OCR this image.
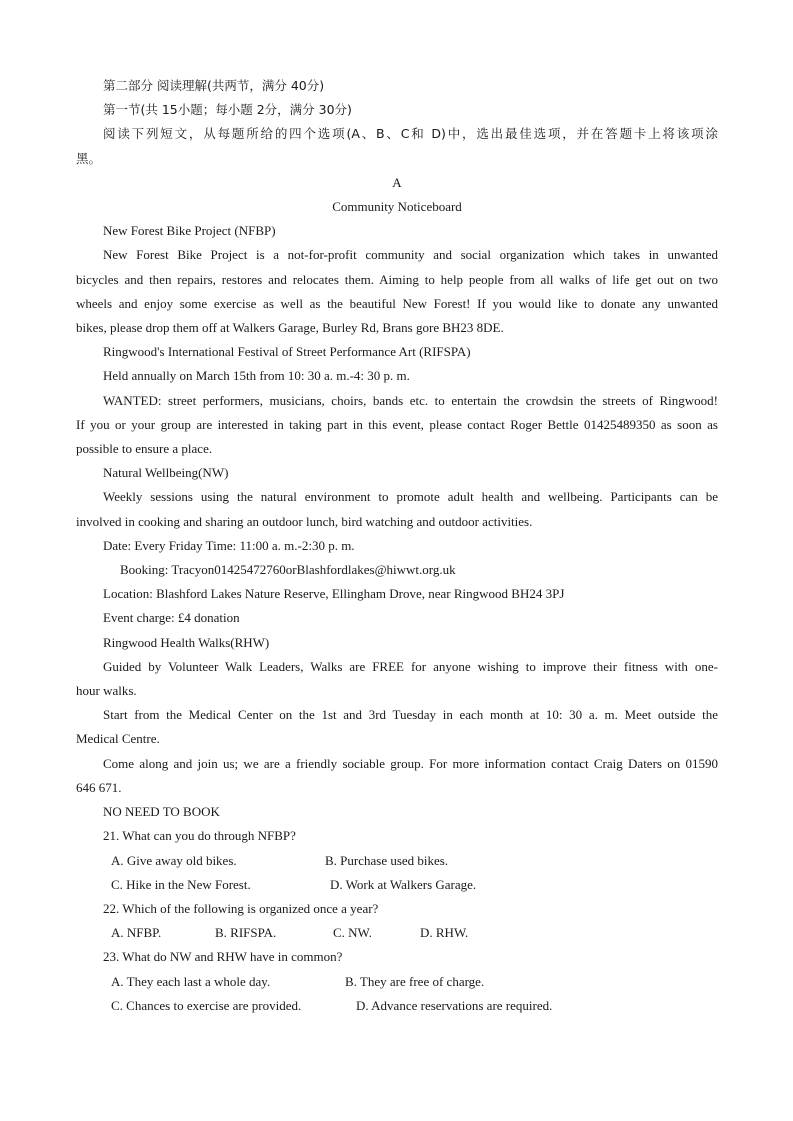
第二部分 阅读理解(共两节，满分 40分)
第一节(共 15小题；每小题 2分，满分 30分)
阅读下列短文，从每题所给的四个选项(A、B、C和 D)中，选出最佳选项，并在答题卡上将该项涂
黑。
A
Community Noticeboard
New Forest Bike Project (NFBP)
New Forest Bike Project is a not-for-profit community and social organization which takes in unwanted
bicycles and then repairs, restores and relocates them. Aiming to help people from all walks of life get out on two
wheels and enjoy some exercise as well as the beautiful New Forest! If you would like to donate any unwanted
bikes, please drop them off at Walkers Garage, Burley Rd, Brans gore BH23 8DE.
Ringwood's International Festival of Street Performance Art (RIFSPA)
Held annually on March 15th from 10: 30 a. m.-4: 30 p. m.
WANTED: street performers, musicians, choirs, bands etc. to entertain the crowdsin the streets of Ringwood!
If you or your group are interested in taking part in this event, please contact Roger Bettle 01425489350 as soon as
possible to ensure a place.
Natural Wellbeing(NW)
Weekly sessions using the natural environment to promote adult health and wellbeing. Participants can be
involved in cooking and sharing an outdoor lunch, bird watching and outdoor activities.
Date: Every Friday Time: 11:00 a. m.-2:30 p. m.
Booking: Tracyon01425472760orBlashfordlakes@hiwwt.org.uk
Location: Blashford Lakes Nature Reserve, Ellingham Drove, near Ringwood BH24 3PJ
Event charge: £4 donation
Ringwood Health Walks(RHW)
Guided by Volunteer Walk Leaders, Walks are FREE for anyone wishing to improve their fitness with one-
hour walks.
Start from the Medical Center on the 1st and 3rd Tuesday in each month at 10: 30 a. m. Meet outside the
Medical Centre.
Come along and join us; we are a friendly sociable group. For more information contact Craig Daters on 01590
646 671.
NO NEED TO BOOK
21. What can you do through NFBP?
A. Give away old bikes.	B. Purchase used bikes.
C. Hike in the New Forest.	D. Work at Walkers Garage.
22. Which of the following is organized once a year?
A. NFBP.	B. RIFSPA.	C. NW.	D. RHW.
23. What do NW and RHW have in common?
A. They each last a whole day.	B. They are free of charge.
C. Chances to exercise are provided.	D. Advance reservations are required.
